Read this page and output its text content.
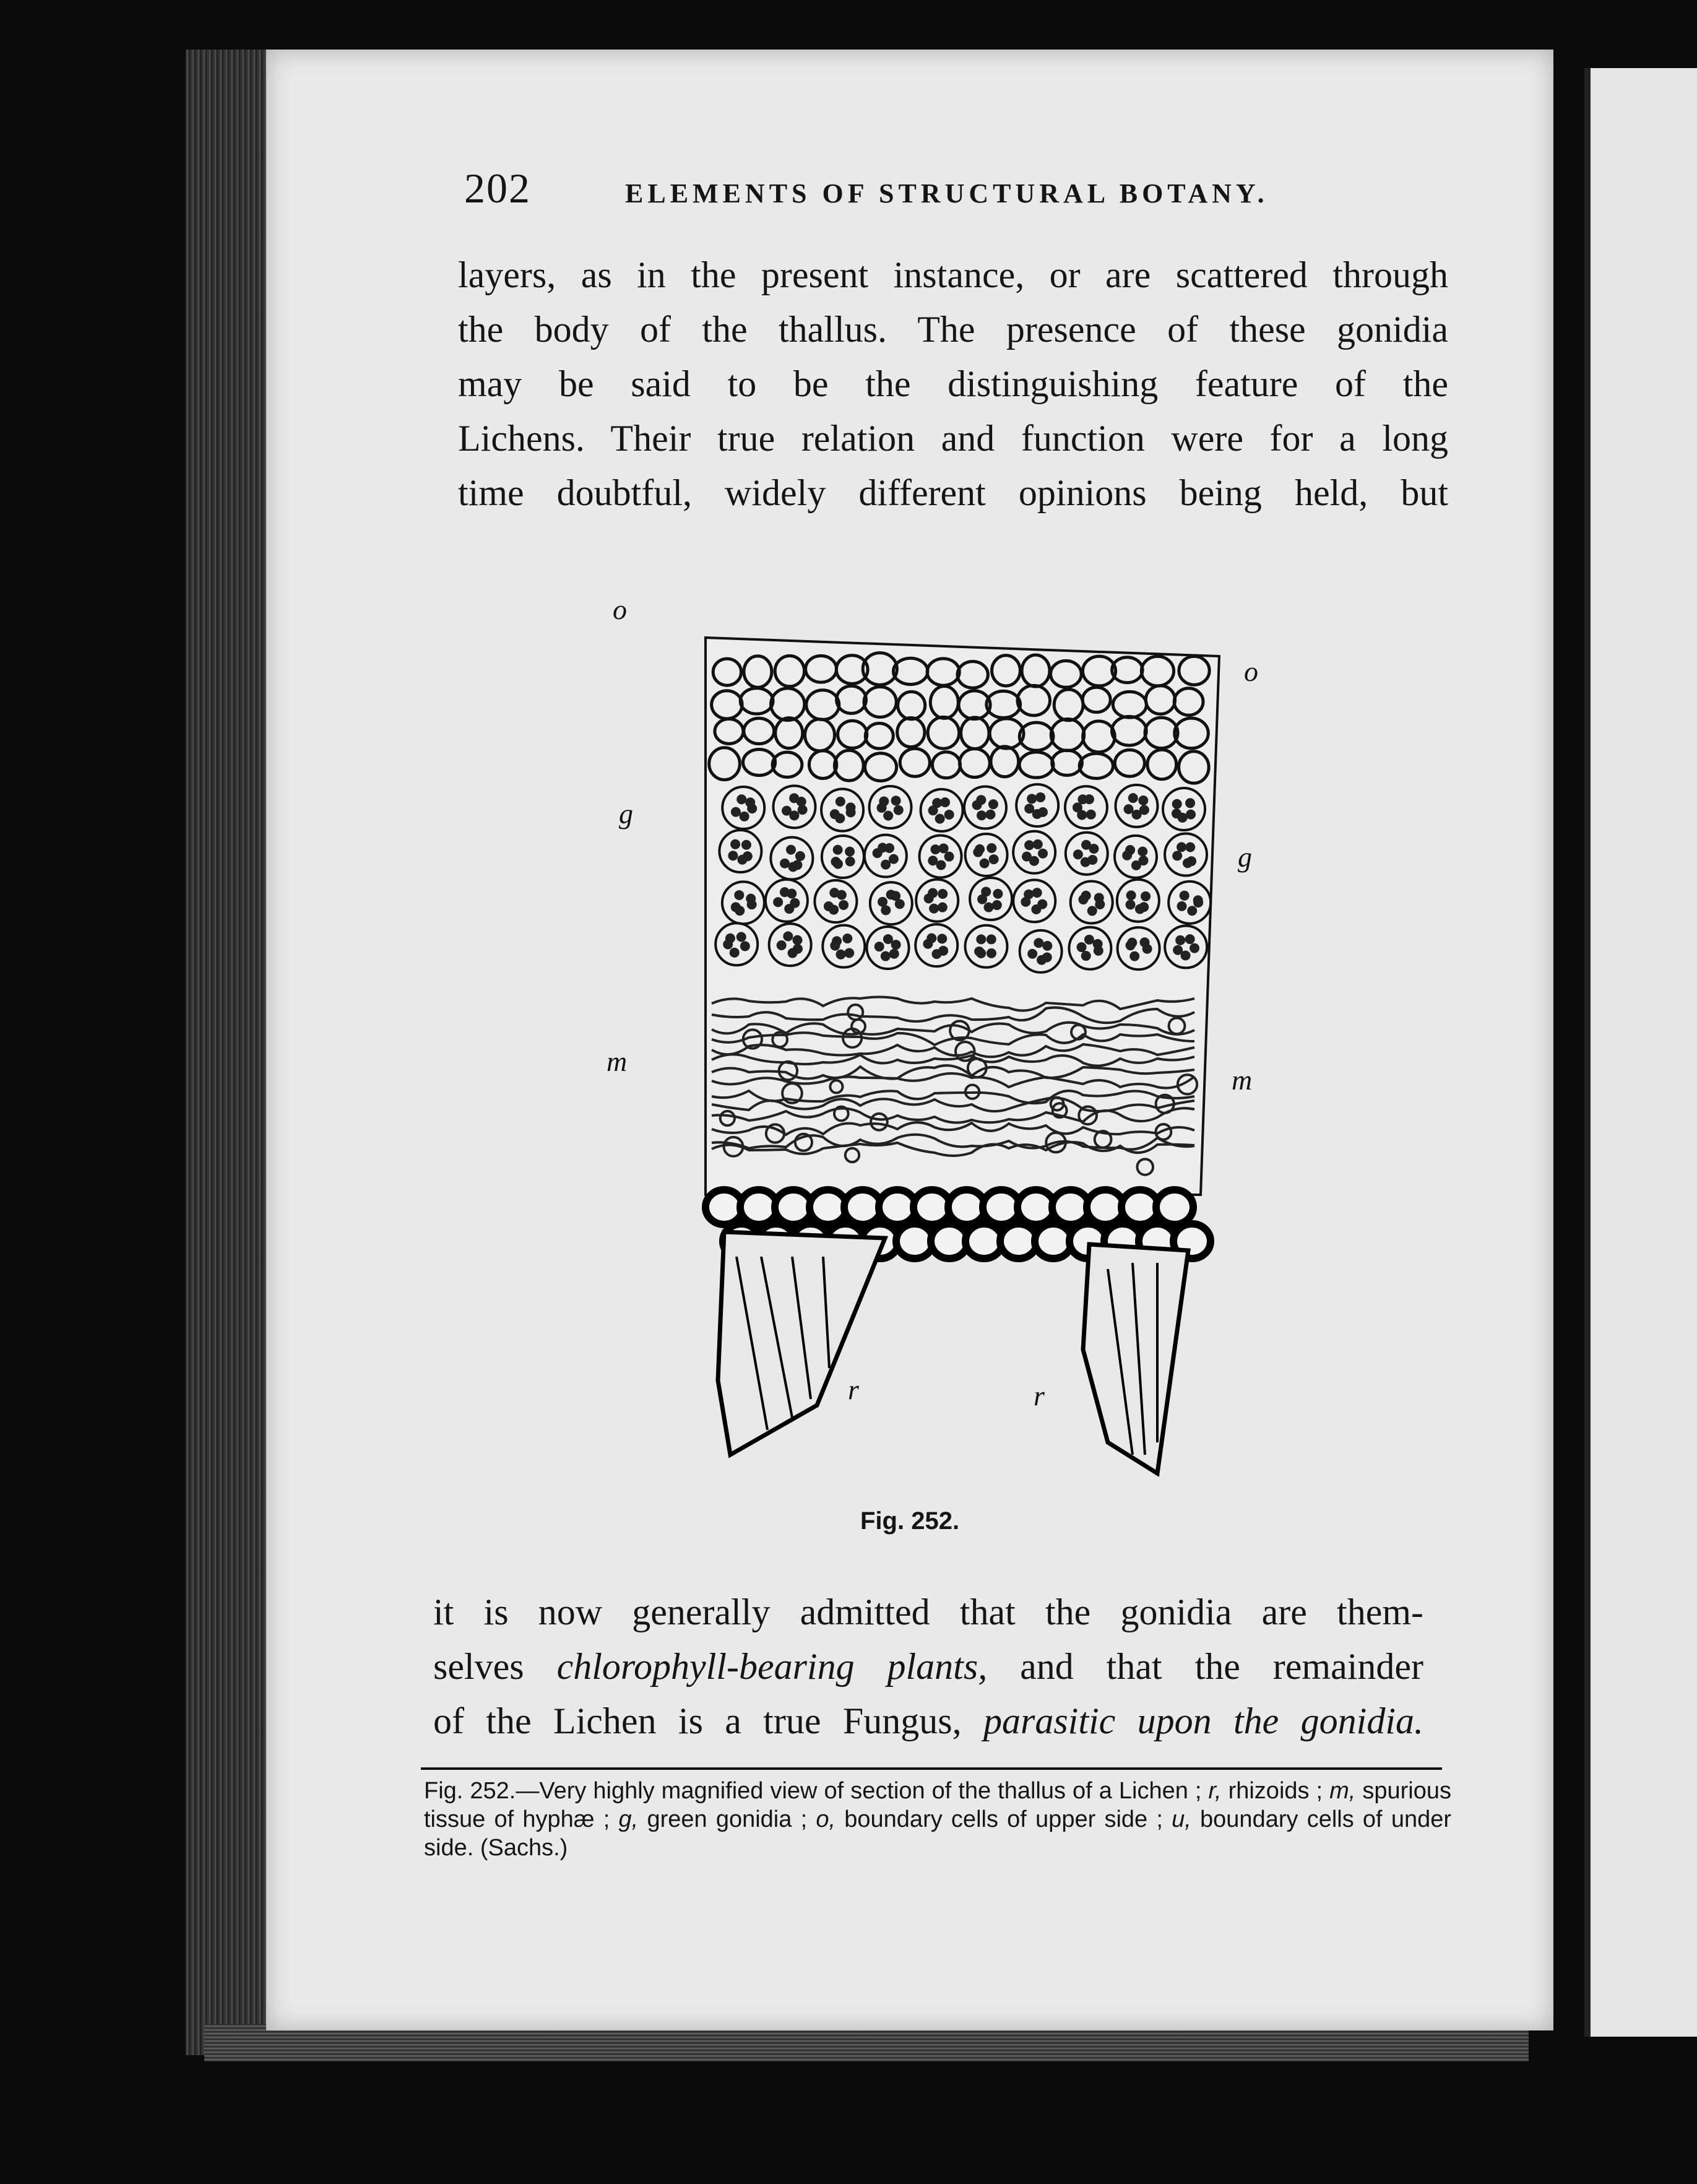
202	ELEMENTS OF STRUCTURAL BOTANY.
layers, as in the present instance, or are scattered through
the body of the thallus. The presence of these gonidia
may be said to be the distinguishing feature of the
Lichens. Their true relation and function were for a long
time doubtful, widely different opinions being held, but
o
o
g
g
m
m
r	r
Fig. 252.
it is now generally admitted that the gonidia are them-
selves chlorophyll-bearing plants, and that the remainder
of the Lichen is a true Fungus, parasitic upon the gonidia.
Fig. 252.—Very highly magnified view of section of the thallus of a Lichen ; r, rhizoids ; m, spurious tissue of hyphæ ; g, green gonidia ; o, boundary cells of upper side ; u, boundary cells of under side. (Sachs.)
